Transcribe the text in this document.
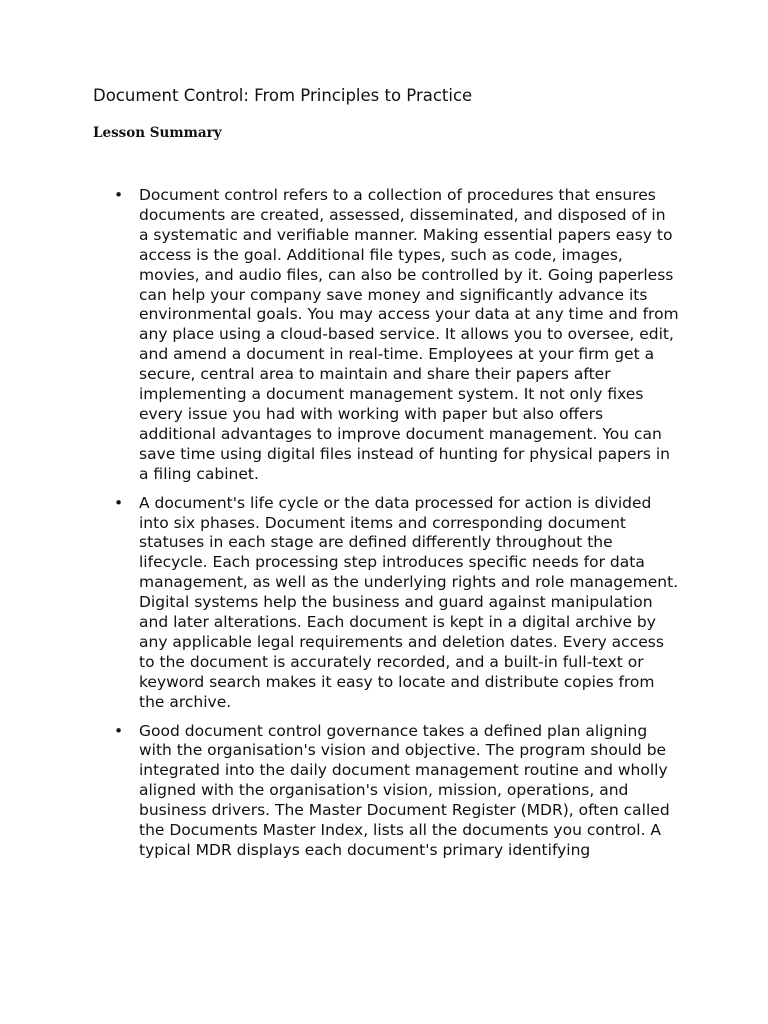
Document Control: From Principles to Practice
Lesson Summary
• Document control refers to a collection of procedures that ensures documents are created, assessed, disseminated, and disposed of in a systematic and verifiable manner. Making essential papers easy to access is the goal. Additional file types, such as code, images, movies, and audio files, can also be controlled by it. Going paperless can help your company save money and significantly advance its environmental goals. You may access your data at any time and from any place using a cloud-based service. It allows you to oversee, edit, and amend a document in real-time. Employees at your firm get a secure, central area to maintain and share their papers after implementing a document management system. It not only fixes every issue you had with working with paper but also offers additional advantages to improve document management. You can save time using digital files instead of hunting for physical papers in a filing cabinet.
• A document's life cycle or the data processed for action is divided into six phases. Document items and corresponding document statuses in each stage are defined differently throughout the lifecycle. Each processing step introduces specific needs for data management, as well as the underlying rights and role management. Digital systems help the business and guard against manipulation and later alterations. Each document is kept in a digital archive by any applicable legal requirements and deletion dates. Every access to the document is accurately recorded, and a built-in full-text or keyword search makes it easy to locate and distribute copies from the archive.
• Good document control governance takes a defined plan aligning with the organisation's vision and objective. The program should be integrated into the daily document management routine and wholly aligned with the organisation's vision, mission, operations, and business drivers. The Master Document Register (MDR), often called the Documents Master Index, lists all the documents you control. A typical MDR displays each document's primary identifying
